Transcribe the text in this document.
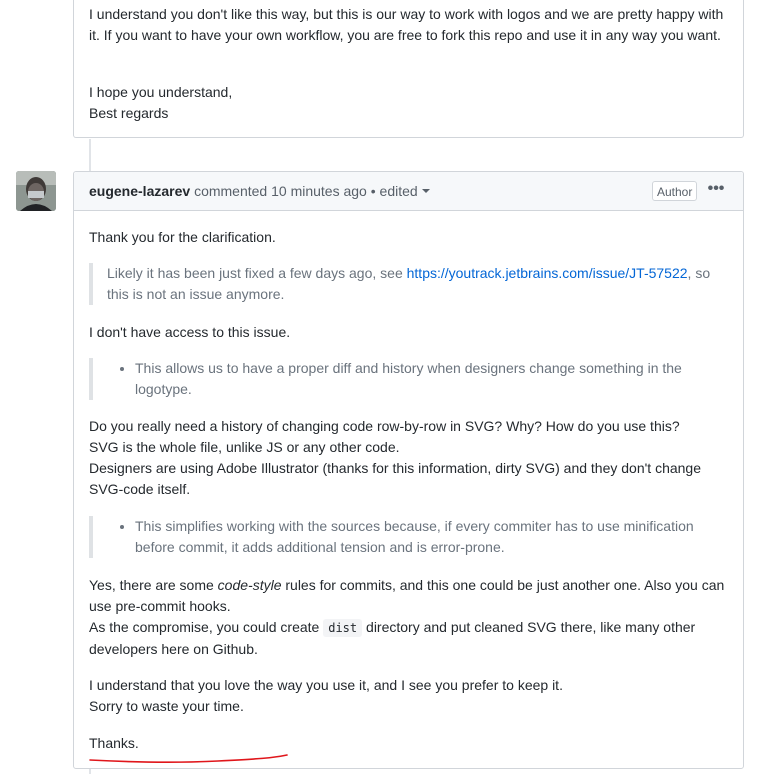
I understand you don't like this way, but this is our way to work with logos and we are pretty happy with it. If you want to have your own workflow, you are free to fork this repo and use it in any way you want.

I hope you understand,
Best regards
eugene-lazarev commented 10 minutes ago • edited	Author •••

Thank you for the clarification.

Likely it has been just fixed a few days ago, see https://youtrack.jetbrains.com/issue/JT-57522, so this is not an issue anymore.

I don't have access to this issue.

• This allows us to have a proper diff and history when designers change something in the logotype.
Do you really need a history of changing code row-by-row in SVG? Why? How do you use this?
SVG is the whole file, unlike JS or any other code.
Designers are using Adobe Illustrator (thanks for this information, dirty SVG) and they don't change SVG-code itself.
• This simplifies working with the sources because, if every commiter has to use minification before commit, it adds additional tension and is error-prone.
Yes, there are some code-style rules for commits, and this one could be just another one. Also you can use pre-commit hooks.
As the compromise, you could create dist directory and put cleaned SVG there, like many other developers here on Github.
I understand that you love the way you use it, and I see you prefer to keep it.
Sorry to waste your time.

Thanks.
